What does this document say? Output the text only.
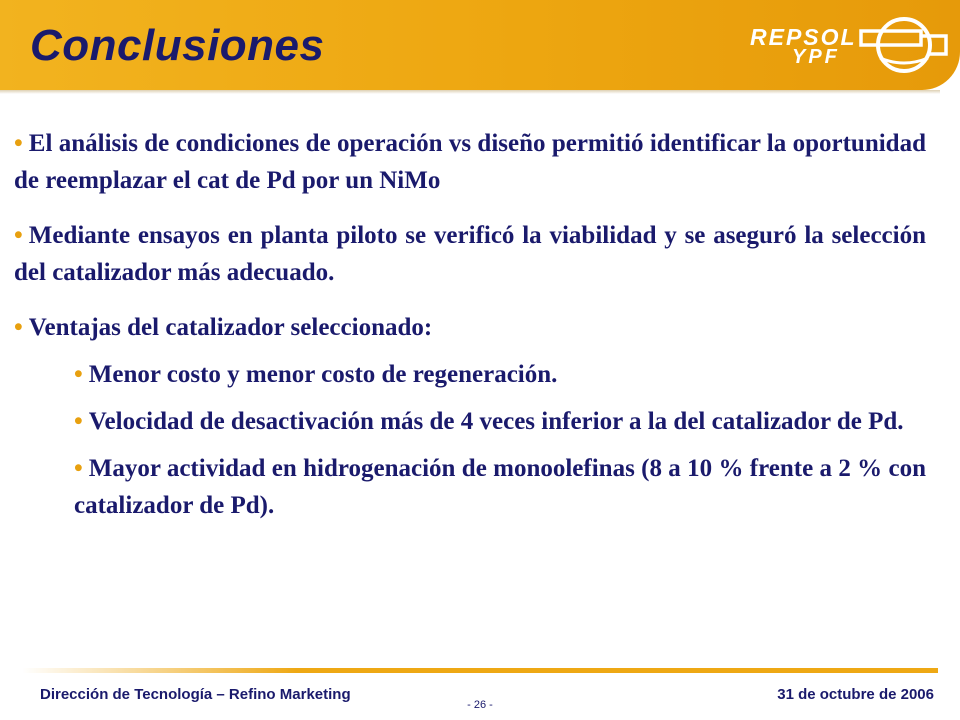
Conclusiones	REPSOL
YPF

• El análisis de condiciones de operación vs diseño permitió identificar la oportunidad de reemplazar el cat de Pd por un NiMo

• Mediante ensayos en planta piloto se verificó la viabilidad y se aseguró la selección del catalizador más adecuado.

• Ventajas del catalizador seleccionado:

• Menor costo y menor costo de regeneración.

• Velocidad de desactivación más de 4 veces inferior a la del catalizador de Pd.

• Mayor actividad en hidrogenación de monoolefinas (8 a 10 % frente a 2 % con catalizador de Pd).

Dirección de Tecnología – Refino Marketing
- 26 -
31 de octubre de 2006
